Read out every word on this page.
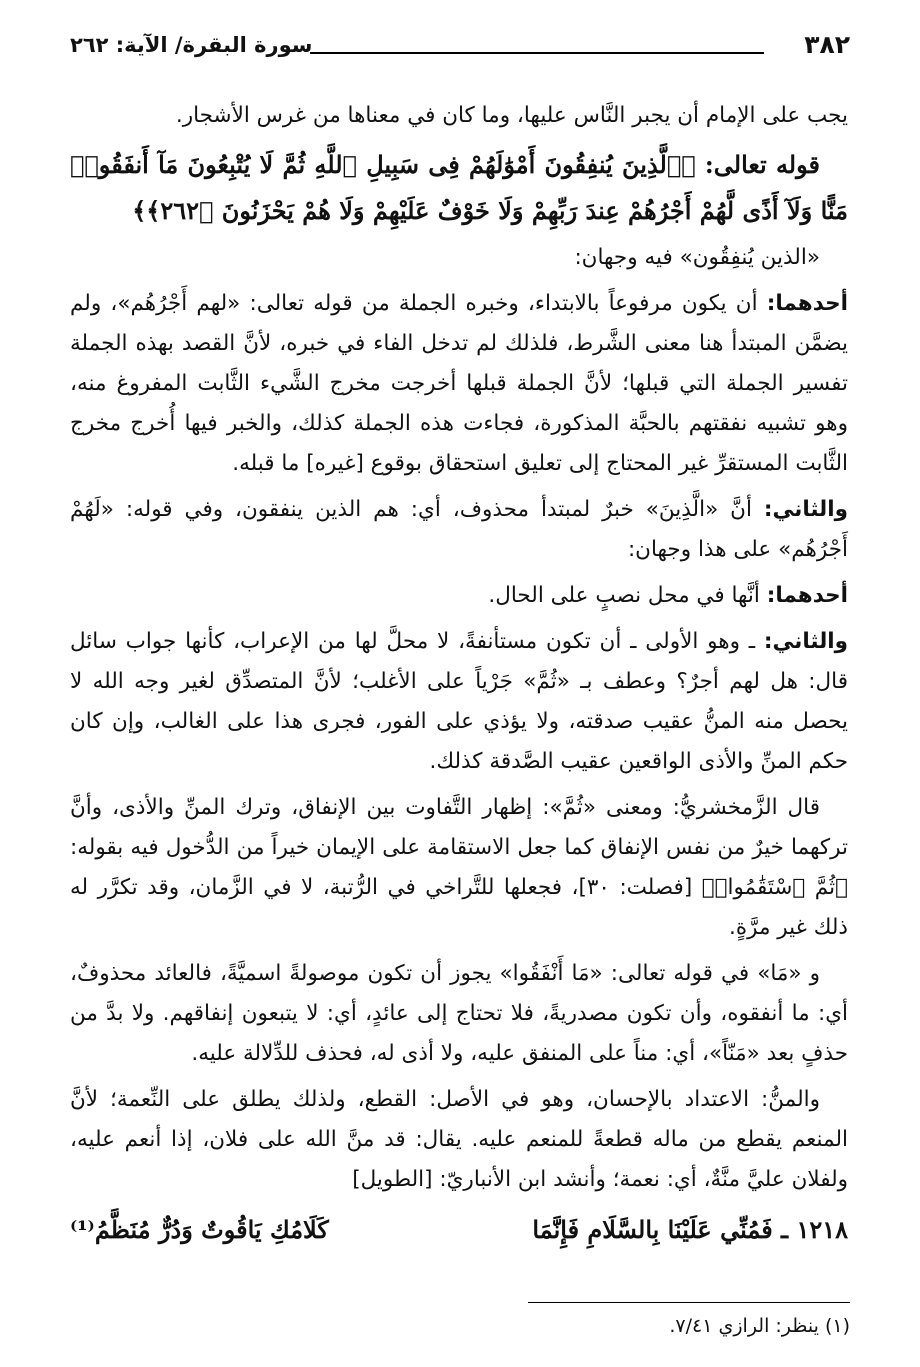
٣٨٢
سورة البقرة/ الآية: ٢٦٢

يجب على الإمام أن يجبر النَّاس عليها، وما كان في معناها من غرس الأشجار.

قوله تعالى: ﴿ٱلَّذِينَ يُنفِقُونَ أَمْوَٰلَهُمْ فِى سَبِيلِ ٱللَّهِ ثُمَّ لَا يُتْبِعُونَ مَآ أَنفَقُوا۟ مَنًّا وَلَآ أَذًى لَّهُمْ أَجْرُهُمْ عِندَ رَبِّهِمْ وَلَا خَوْفٌ عَلَيْهِمْ وَلَا هُمْ يَحْزَنُونَ ﴿٢٦٢﴾﴾

«الذين يُنفِقُون» فيه وجهان:

أحدهما: أن يكون مرفوعاً بالابتداء، وخبره الجملة من قوله تعالى: «لهم أَجْرُهُم»، ولم يضمَّن المبتدأ هنا معنى الشَّرط، فلذلك لم تدخل الفاء في خبره، لأنَّ القصد بهذه الجملة تفسير الجملة التي قبلها؛ لأنَّ الجملة قبلها أخرجت مخرج الشَّيء الثَّابت المفروغ منه، وهو تشبيه نفقتهم بالحبَّة المذكورة، فجاءت هذه الجملة كذلك، والخبر فيها أُخرج مخرج الثَّابت المستقرِّ غير المحتاج إلى تعليق استحقاق بوقوع [غيره] ما قبله.

والثاني: أنَّ «الَّذِينَ» خبرٌ لمبتدأ محذوف، أي: هم الذين ينفقون، وفي قوله: «لَهُمْ أَجْرُهُم» على هذا وجهان:

أحدهما: أنَّها في محل نصبٍ على الحال.

والثاني: ـ وهو الأولى ـ أن تكون مستأنفةً، لا محلَّ لها من الإعراب، كأنها جواب سائل قال: هل لهم أجرٌ؟ وعطف بـ «ثُمَّ» جَرْياً على الأغلب؛ لأنَّ المتصدِّق لغير وجه الله لا يحصل منه المنُّ عقيب صدقته، ولا يؤذي على الفور، فجرى هذا على الغالب، وإن كان حكم المنِّ والأذى الواقعين عقيب الصَّدقة كذلك.

قال الزَّمخشريُّ: ومعنى «ثُمَّ»: إظهار التَّفاوت بين الإنفاق، وترك المنِّ والأذى، وأنَّ تركهما خيرٌ من نفس الإنفاق كما جعل الاستقامة على الإيمان خيراً من الدُّخول فيه بقوله: ﴿ثُمَّ ٱسْتَقَٰمُوا۟﴾ [فصلت: ٣٠]، فجعلها للتَّراخي في الرُّتبة، لا في الزَّمان، وقد تكرَّر له ذلك غير مرَّةٍ.

و «مَا» في قوله تعالى: «مَا أَنْفَقُوا» يجوز أن تكون موصولةً اسميَّةً، فالعائد محذوفٌ، أي: ما أنفقوه، وأن تكون مصدريةً، فلا تحتاج إلى عائدٍ، أي: لا يتبعون إنفاقهم. ولا بدَّ من حذفٍ بعد «مَنّاً»، أي: مناً على المنفق عليه، ولا أذى له، فحذف للدِّلالة عليه.

والمنُّ: الاعتداد بالإحسان، وهو في الأصل: القطع، ولذلك يطلق على النِّعمة؛ لأنَّ المنعم يقطع من ماله قطعةً للمنعم عليه. يقال: قد منَّ الله على فلان، إذا أنعم عليه، ولفلان عليَّ منَّةٌ، أي: نعمة؛ وأنشد ابن الأنباريّ: [الطويل]

١٢١٨ ـ فَمُنِّي عَلَيْنَا بِالسَّلَامِ فَإِنَّمَا
كَلَامُكِ يَاقُوتٌ وَدُرٌّ مُنَظَّمُ⁽¹⁾
(١) ينظر: الرازي ٧/٤١.
